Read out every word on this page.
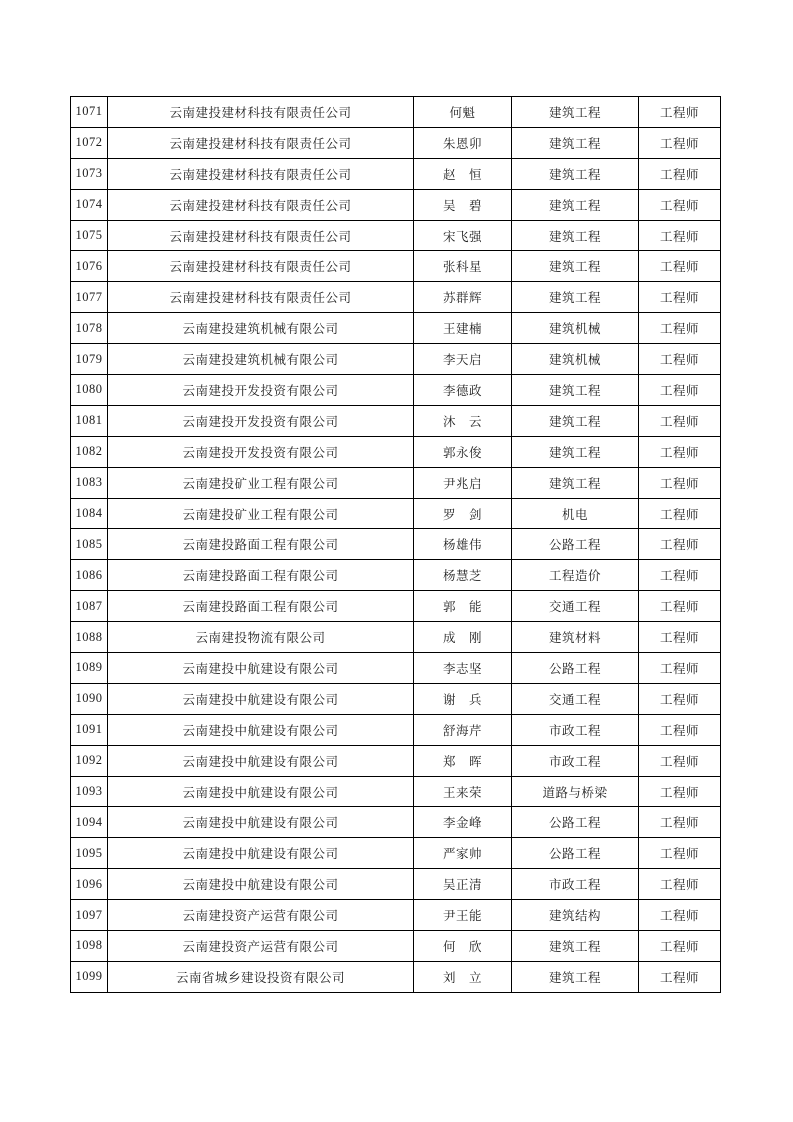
1071	云南建投建材科技有限责任公司	何魁	建筑工程	工程师
1072	云南建投建材科技有限责任公司	朱恩卯	建筑工程	工程师
1073	云南建投建材科技有限责任公司	赵　恒	建筑工程	工程师
1074	云南建投建材科技有限责任公司	吴　碧	建筑工程	工程师
1075	云南建投建材科技有限责任公司	宋飞强	建筑工程	工程师
1076	云南建投建材科技有限责任公司	张科星	建筑工程	工程师
1077	云南建投建材科技有限责任公司	苏群辉	建筑工程	工程师
1078	云南建投建筑机械有限公司	王建楠	建筑机械	工程师
1079	云南建投建筑机械有限公司	李天启	建筑机械	工程师
1080	云南建投开发投资有限公司	李德政	建筑工程	工程师
1081	云南建投开发投资有限公司	沐　云	建筑工程	工程师
1082	云南建投开发投资有限公司	郭永俊	建筑工程	工程师
1083	云南建投矿业工程有限公司	尹兆启	建筑工程	工程师
1084	云南建投矿业工程有限公司	罗　剑	机电	工程师
1085	云南建投路面工程有限公司	杨雄伟	公路工程	工程师
1086	云南建投路面工程有限公司	杨慧芝	工程造价	工程师
1087	云南建投路面工程有限公司	郭　能	交通工程	工程师
1088	云南建投物流有限公司	成　刚	建筑材料	工程师
1089	云南建投中航建设有限公司	李志坚	公路工程	工程师
1090	云南建投中航建设有限公司	谢　兵	交通工程	工程师
1091	云南建投中航建设有限公司	舒海芹	市政工程	工程师
1092	云南建投中航建设有限公司	郑　晖	市政工程	工程师
1093	云南建投中航建设有限公司	王来荣	道路与桥梁	工程师
1094	云南建投中航建设有限公司	李金峰	公路工程	工程师
1095	云南建投中航建设有限公司	严家帅	公路工程	工程师
1096	云南建投中航建设有限公司	吴正清	市政工程	工程师
1097	云南建投资产运营有限公司	尹王能	建筑结构	工程师
1098	云南建投资产运营有限公司	何　欣	建筑工程	工程师
1099	云南省城乡建设投资有限公司	刘　立	建筑工程	工程师
